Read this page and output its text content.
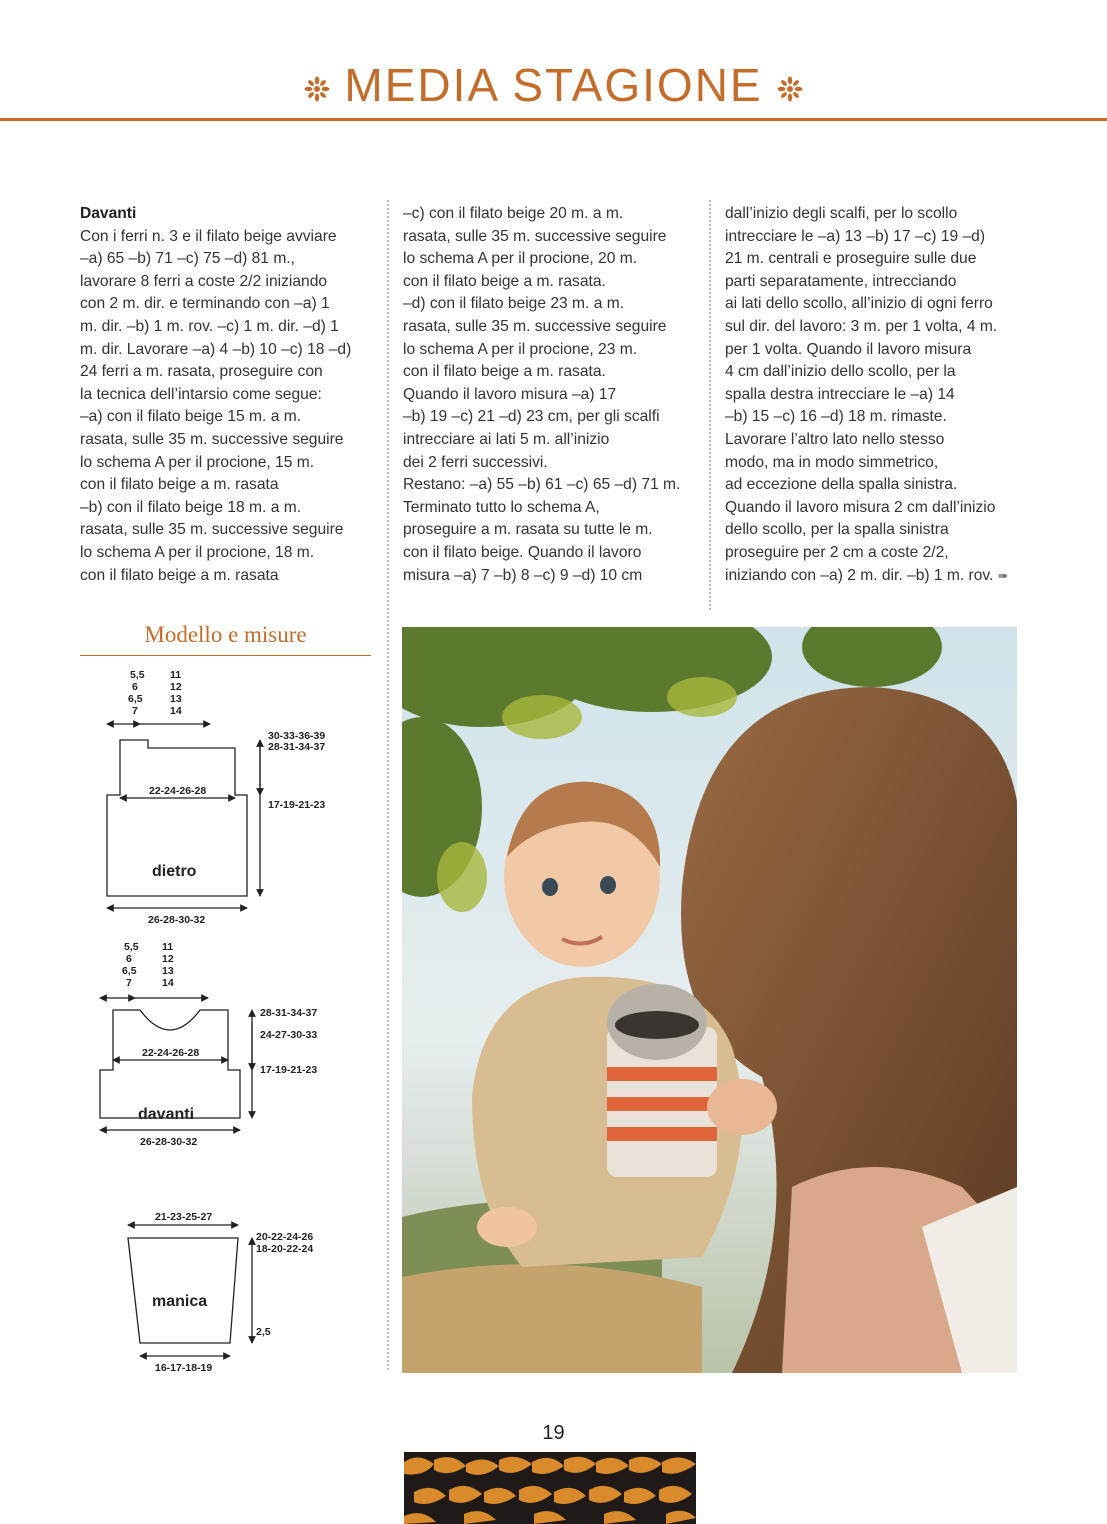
MEDIA STAGIONE

Davanti

Con i ferri n. 3 e il filato beige avviare

–a) 65 –b) 71 –c) 75 –d) 81 m.,

lavorare 8 ferri a coste 2/2 iniziando

con 2 m. dir. e terminando con –a) 1

m. dir. –b) 1 m. rov. –c) 1 m. dir. –d) 1

m. dir. Lavorare –a) 4 –b) 10 –c) 18 –d)

24 ferri a m. rasata, proseguire con

la tecnica dell’intarsio come segue:

–a) con il filato beige 15 m. a m.

rasata, sulle 35 m. successive seguire

lo schema A per il procione, 15 m.

con il filato beige a m. rasata

–b) con il filato beige 18 m. a m.

rasata, sulle 35 m. successive seguire

lo schema A per il procione, 18 m.

con il filato beige a m. rasata

–c) con il filato beige 20 m. a m.

rasata, sulle 35 m. successive seguire

lo schema A per il procione, 20 m.

con il filato beige a m. rasata.

–d) con il filato beige 23 m. a m.

rasata, sulle 35 m. successive seguire

lo schema A per il procione, 23 m.

con il filato beige a m. rasata.

Quando il lavoro misura –a) 17

–b) 19 –c) 21 –d) 23 cm, per gli scalfi

intrecciare ai lati 5 m. all’inizio

dei 2 ferri successivi.

Restano: –a) 55 –b) 61 –c) 65 –d) 71 m.

Terminato tutto lo schema A,

proseguire a m. rasata su tutte le m.

con il filato beige. Quando il lavoro

misura –a) 7 –b) 8 –c) 9 –d) 10 cm

dall’inizio degli scalfi, per lo scollo

intrecciare le –a) 13 –b) 17 –c) 19 –d)

21 m. centrali e proseguire sulle due

parti separatamente, intrecciando

ai lati dello scollo, all’inizio di ogni ferro

sul dir. del lavoro: 3 m. per 1 volta, 4 m.

per 1 volta. Quando il lavoro misura

4 cm dall’inizio dello scollo, per la

spalla destra intrecciare le –a) 14

–b) 15 –c) 16 –d) 18 m. rimaste.

Lavorare l’altro lato nello stesso

modo, ma in modo simmetrico,

ad eccezione della spalla sinistra.

Quando il lavoro misura 2 cm dall’inizio

dello scollo, per la spalla sinistra

proseguire per 2 cm a coste 2/2,

iniziando con –a) 2 m. dir. –b) 1 m. rov. ➠

Modello e misure
5,5
6
6,5
7
11
12
13
14
30-33-36-39
28-31-34-37
22-24-26-28
17-19-21-23
26-28-30-32
5,5
6
6,5
7
11
12
13
14
28-31-34-37
24-27-30-33
22-24-26-28
17-19-21-23
26-28-30-32
21-23-25-27
20-22-24-26
18-20-22-24
2,5
16-17-18-19
dietro
davanti
manica
19
